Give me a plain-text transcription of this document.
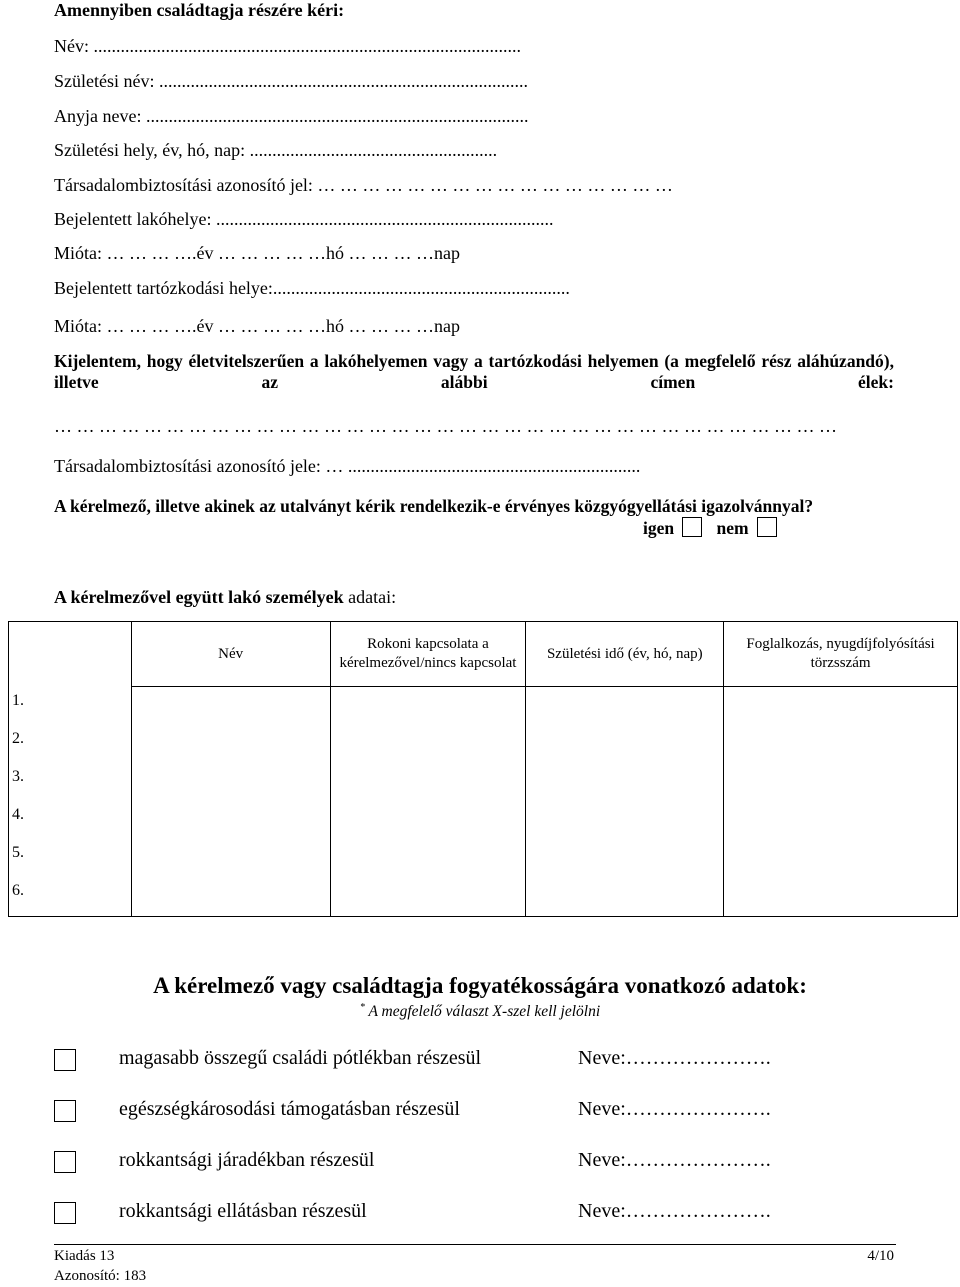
Amennyiben családtagja részére kéri:
Név: ...............................................................................................
Születési név: ..................................................................................
Anyja neve: .....................................................................................
Születési hely, év, hó, nap: .......................................................
Társadalombiztosítási azonosító jel: … … … … … … … … … … … … … … … …
Bejelentett lakóhelye: ...........................................................................
Mióta: … … … ….év … … … … …hó … … … …nap
Bejelentett tartózkodási helye:..................................................................
Mióta: … … … ….év … … … … …hó … … … …nap
Kijelentem, hogy életvitelszerűen a lakóhelyemen vagy a tartózkodási helyemen (a megfelelő rész aláhúzandó), illetve az alábbi címen élek:
… … … … … … … … … … … … … … … … … … … … … … … … … … … … … … … … … … …
Társadalombiztosítási azonosító jele: … .................................................................
A kérelmező, illetve akinek az utalványt kérik rendelkezik-e érvényes közgyógyellátási igazolvánnyal?
igen nem
A kérelmezővel együtt lakó személyek adatai:
	Név	Rokoni kapcsolata a kérelmezővel/nincs kapcsolat	Születési idő (év, hó, nap)	Foglalkozás, nyugdíjfolyósítási törzsszám

1.
2.
3.
4.
5.
6.
A kérelmező vagy családtagja fogyatékosságára vonatkozó adatok:
* A megfelelő választ X-szel kell jelölni
magasabb összegű családi pótlékban részesül	Neve:………………….
egészségkárosodási támogatásban részesül	Neve:………………….
rokkantsági járadékban részesül	Neve:………………….
rokkantsági ellátásban részesül	Neve:………………….
Kiadás 13
Azonosító: 183
4/10
